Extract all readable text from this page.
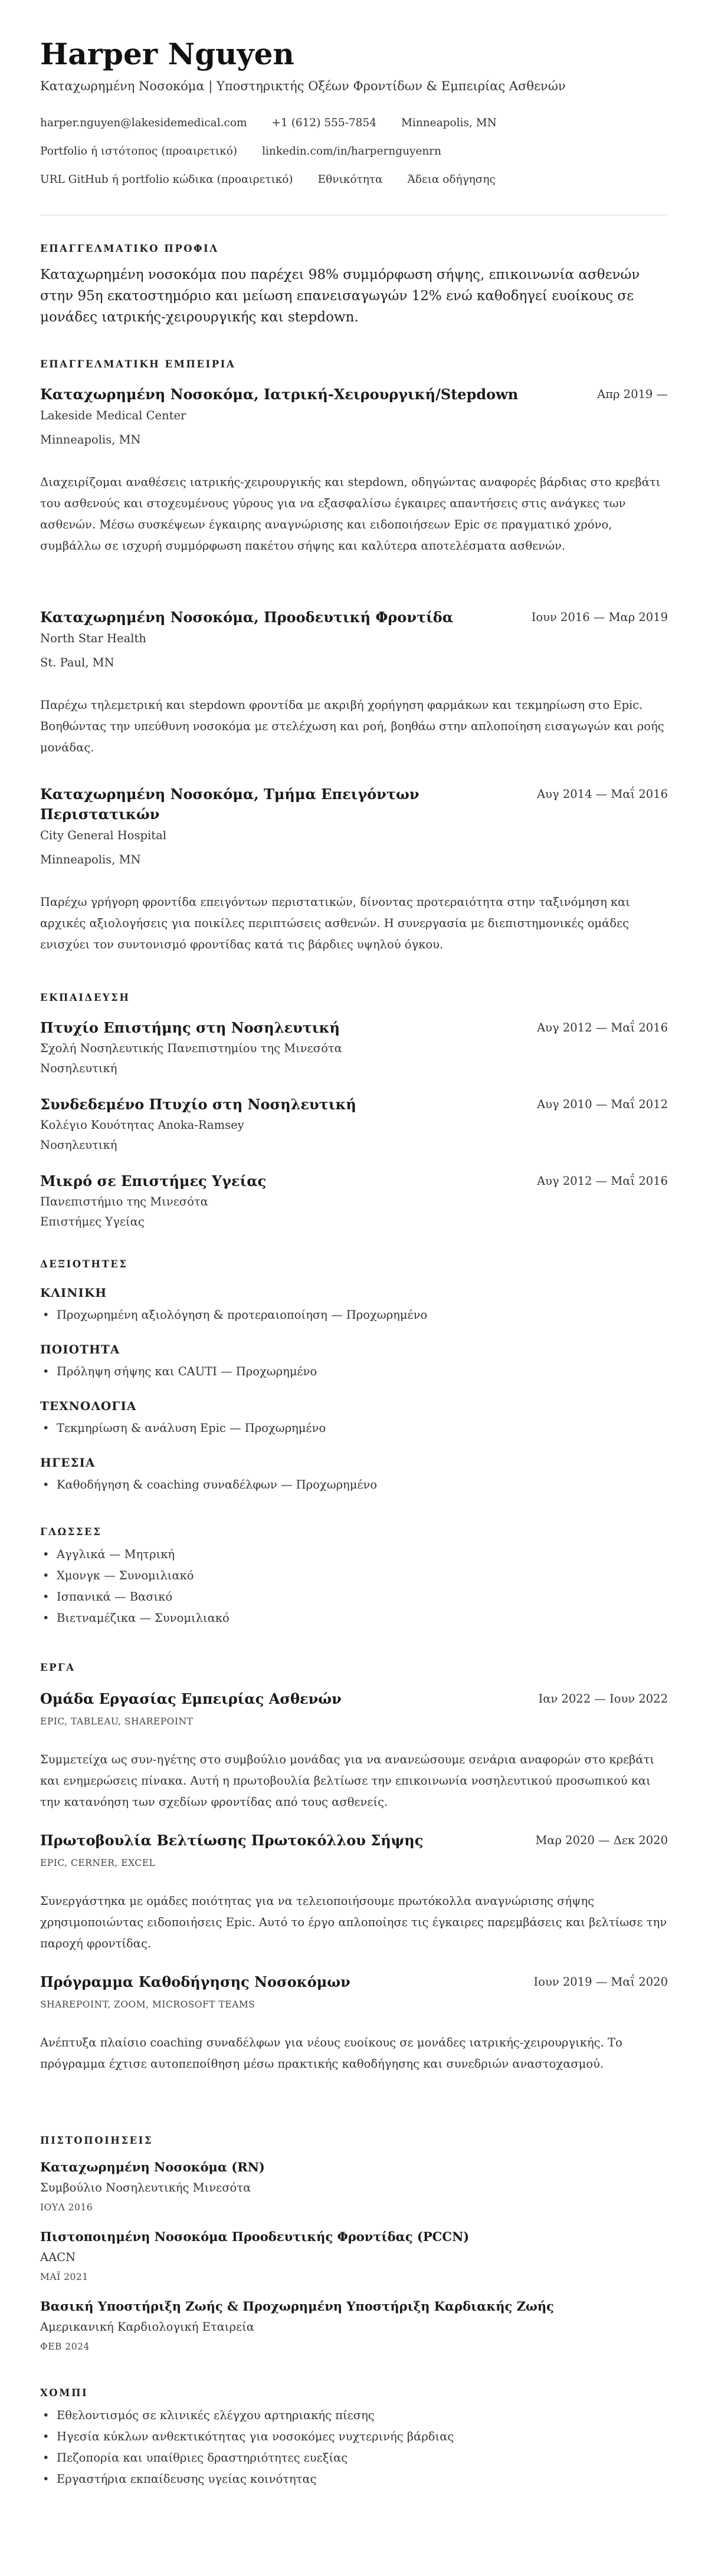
Harper Nguyen
Καταχωρημένη Νοσοκόμα | Υποστηρικτής Οξέων Φροντίδων & Εμπειρίας Ασθενών
harper.nguyen@lakesidemedical.com +1 (612) 555-7854 Minneapolis, MN
Portfolio ή ιστότοπος (προαιρετικό) linkedin.com/in/harpernguyenrn
URL GitHub ή portfolio κώδικα (προαιρετικό) Εθνικότητα Άδεια οδήγησης
ΕΠΑΓΓΕΛΜΑΤΙΚΟ ΠΡΟΦΙΛ
Καταχωρημένη νοσοκόμα που παρέχει 98% συμμόρφωση σήψης, επικοινωνία ασθενών στην 95η εκατοστημόριο και μείωση επανεισαγωγών 12% ενώ καθοδηγεί ευοίκους σε μονάδες ιατρικής-χειρουργικής και stepdown.
ΕΠΑΓΓΕΛΜΑΤΙΚΗ ΕΜΠΕΙΡΙΑ
Καταχωρημένη Νοσοκόμα, Ιατρική-Χειρουργική/Stepdown	Απρ 2019 —
Lakeside Medical Center
Minneapolis, MN
Διαχειρίζομαι αναθέσεις ιατρικής-χειρουργικής και stepdown, οδηγώντας αναφορές βάρδιας στο κρεβάτι του ασθενούς και στοχευμένους γύρους για να εξασφαλίσω έγκαιρες απαντήσεις στις ανάγκες των ασθενών. Μέσω συσκέψεων έγκαιρης αναγνώρισης και ειδοποιήσεων Epic σε πραγματικό χρόνο, συμβάλλω σε ισχυρή συμμόρφωση πακέτου σήψης και καλύτερα αποτελέσματα ασθενών.
Καταχωρημένη Νοσοκόμα, Προοδευτική Φροντίδα	Ιουν 2016 — Μαρ 2019
North Star Health
St. Paul, MN
Παρέχω τηλεμετρική και stepdown φροντίδα με ακριβή χορήγηση φαρμάκων και τεκμηρίωση στο Epic. Βοηθώντας την υπεύθυνη νοσοκόμα με στελέχωση και ροή, βοηθάω στην απλοποίηση εισαγωγών και ροής μονάδας.
Καταχωρημένη Νοσοκόμα, Τμήμα Επειγόντων Περιστατικών
Αυγ 2014 — Μαΐ 2016
City General Hospital
Minneapolis, MN
Παρέχω γρήγορη φροντίδα επειγόντων περιστατικών, δίνοντας προτεραιότητα στην ταξινόμηση και αρχικές αξιολογήσεις για ποικίλες περιπτώσεις ασθενών. Η συνεργασία με διεπιστημονικές ομάδες ενισχύει τον συντονισμό φροντίδας κατά τις βάρδιες υψηλού όγκου.
ΕΚΠΑΙΔΕΥΣΗ
Πτυχίο Επιστήμης στη Νοσηλευτική	Αυγ 2012 — Μαΐ 2016
Σχολή Νοσηλευτικής Πανεπιστημίου της Μινεσότα
Νοσηλευτική
Συνδεδεμένο Πτυχίο στη Νοσηλευτική	Αυγ 2010 — Μαΐ 2012
Κολέγιο Κουότητας Anoka-Ramsey
Νοσηλευτική
Μικρό σε Επιστήμες Υγείας	Αυγ 2012 — Μαΐ 2016
Πανεπιστήμιο της Μινεσότα
Επιστήμες Υγείας
ΔΕΞΙΟΤΗΤΕΣ
ΚΛΙΝΙΚΗ
• Προχωρημένη αξιολόγηση & προτεραιοποίηση — Προχωρημένο
ΠΟΙΟΤΗΤΑ
• Πρόληψη σήψης και CAUTI — Προχωρημένο
ΤΕΧΝΟΛΟΓΙΑ
• Τεκμηρίωση & ανάλυση Epic — Προχωρημένο
ΗΓΕΣΙΑ
• Καθοδήγηση & coaching συναδέλφων — Προχωρημένο
ΓΛΩΣΣΕΣ
• Αγγλικά — Μητρική
• Χμονγκ — Συνομιλιακό
• Ισπανικά — Βασικό
• Βιετναμέζικα — Συνομιλιακό
ΕΡΓΑ
Ομάδα Εργασίας Εμπειρίας Ασθενών	Ιαν 2022 — Ιουν 2022
EPIC, TABLEAU, SHAREPOINT
Συμμετείχα ως συν-ηγέτης στο συμβούλιο μονάδας για να ανανεώσουμε σενάρια αναφορών στο κρεβάτι και ενημερώσεις πίνακα. Αυτή η πρωτοβουλία βελτίωσε την επικοινωνία νοσηλευτικού προσωπικού και την κατανόηση των σχεδίων φροντίδας από τους ασθενείς.
Πρωτοβουλία Βελτίωσης Πρωτοκόλλου Σήψης	Μαρ 2020 — Δεκ 2020
EPIC, CERNER, EXCEL
Συνεργάστηκα με ομάδες ποιότητας για να τελειοποιήσουμε πρωτόκολλα αναγνώρισης σήψης χρησιμοποιώντας ειδοποιήσεις Epic. Αυτό το έργο απλοποίησε τις έγκαιρες παρεμβάσεις και βελτίωσε την παροχή φροντίδας.
Πρόγραμμα Καθοδήγησης Νοσοκόμων	Ιουν 2019 — Μαΐ 2020
SHAREPOINT, ZOOM, MICROSOFT TEAMS
Ανέπτυξα πλαίσιο coaching συναδέλφων για νέους ευοίκους σε μονάδες ιατρικής-χειρουργικής. Το πρόγραμμα έχτισε αυτοπεποίθηση μέσω πρακτικής καθοδήγησης και συνεδριών αναστοχασμού.
ΠΙΣΤΟΠΟΙΗΣΕΙΣ
Καταχωρημένη Νοσοκόμα (RN)
Συμβούλιο Νοσηλευτικής Μινεσότα
ΙΟΥΛ 2016
Πιστοποιημένη Νοσοκόμα Προοδευτικής Φροντίδας (PCCN)
AACN
ΜΑΪ 2021
Βασική Υποστήριξη Ζωής & Προχωρημένη Υποστήριξη Καρδιακής Ζωής
Αμερικανική Καρδιολογική Εταιρεία
ΦΕΒ 2024
ΧΟΜΠΙ
• Εθελοντισμός σε κλινικές ελέγχου αρτηριακής πίεσης
• Ηγεσία κύκλων ανθεκτικότητας για νοσοκόμες νυχτερινής βάρδιας
• Πεζοπορία και υπαίθριες δραστηριότητες ευεξίας
• Εργαστήρια εκπαίδευσης υγείας κοινότητας
